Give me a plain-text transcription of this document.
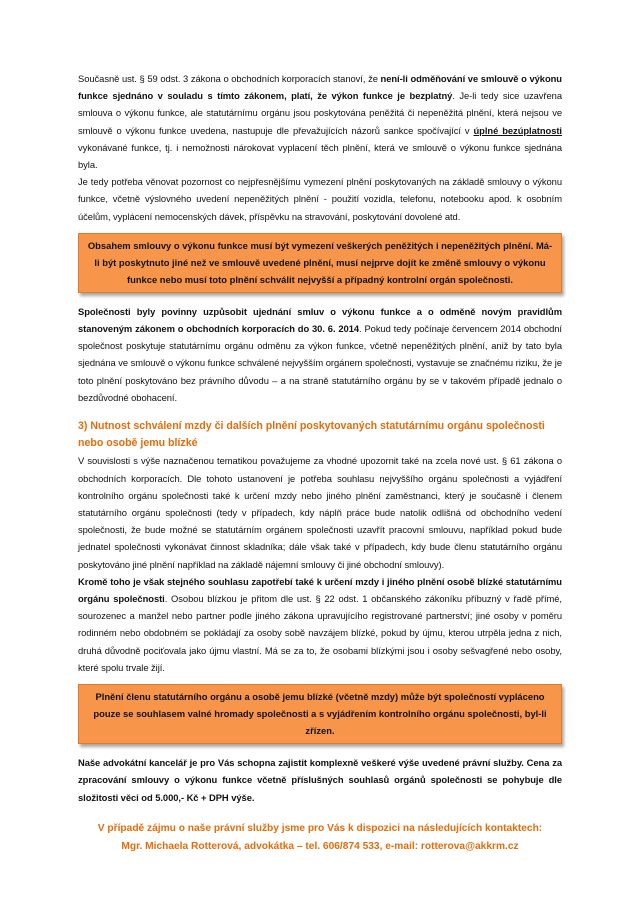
Současně ust. § 59 odst. 3 zákona o obchodních korporacích stanoví, že není-li odměňování ve smlouvě o výkonu funkce sjednáno v souladu s tímto zákonem, platí, že výkon funkce je bezplatný. Je-li tedy sice uzavřena smlouva o výkonu funkce, ale statutárnímu orgánu jsou poskytována peněžitá či nepeněžitá plnění, která nejsou ve smlouvě o výkonu funkce uvedena, nastupuje dle převažujících názorů sankce spočívající v úplné bezúplatnosti vykonávané funkce, tj. i nemožnosti nárokovat vyplacení těch plnění, která ve smlouvě o výkonu funkce sjednána byla.

Je tedy potřeba věnovat pozornost co nejpřesnějšímu vymezení plnění poskytovaných na základě smlouvy o výkonu funkce, včetně výslovného uvedení nepeněžitých plnění - použití vozidla, telefonu, notebooku apod. k osobním účelům, vyplácení nemocenských dávek, příspěvku na stravování, poskytování dovolené atd.

Obsahem smlouvy o výkonu funkce musí být vymezení veškerých peněžitých i nepeněžitých plnění. Má-li být poskytnuto jiné než ve smlouvě uvedené plnění, musí nejprve dojít ke změně smlouvy o výkonu funkce nebo musí toto plnění schválit nejvyšší a případný kontrolní orgán společnosti.

Společnosti byly povinny uzpůsobit ujednání smluv o výkonu funkce a o odměně novým pravidlům stanoveným zákonem o obchodních korporacích do 30. 6. 2014. Pokud tedy počínaje červencem 2014 obchodní společnost poskytuje statutárnímu orgánu odměnu za výkon funkce, včetně nepeněžitých plnění, aniž by tato byla sjednána ve smlouvě o výkonu funkce schválené nejvyšším orgánem společnosti, vystavuje se značnému riziku, že je toto plnění poskytováno bez právního důvodu – a na straně statutárního orgánu by se v takovém případě jednalo o bezdůvodné obohacení.

3) Nutnost schválení mzdy či dalších plnění poskytovaných statutárnímu orgánu společnosti nebo osobě jemu blízké

V souvislosti s výše naznačenou tematikou považujeme za vhodné upozornit také na zcela nové ust. § 61 zákona o obchodních korporacích. Dle tohoto ustanovení je potřeba souhlasu nejvyššího orgánu společnosti a vyjádření kontrolního orgánu společnosti také k určení mzdy nebo jiného plnění zaměstnanci, který je současně i členem statutárního orgánu společnosti (tedy v případech, kdy náplň práce bude natolik odlišná od obchodního vedení společnosti, že bude možné se statutárním orgánem společnosti uzavřít pracovní smlouvu, například pokud bude jednatel společnosti vykonávat činnost skladníka; dále však také v případech, kdy bude členu statutárního orgánu poskytováno jiné plnění například na základě nájemní smlouvy či jiné obchodní smlouvy).

Kromě toho je však stejného souhlasu zapotřebí také k určení mzdy i jiného plnění osobě blízké statutárnímu orgánu společnosti. Osobou blízkou je přitom dle ust. § 22 odst. 1 občanského zákoníku příbuzný v řadě přímé, sourozenec a manžel nebo partner podle jiného zákona upravujícího registrované partnerství; jiné osoby v poměru rodinném nebo obdobném se pokládají za osoby sobě navzájem blízké, pokud by újmu, kterou utrpěla jedna z nich, druhá důvodně pociťovala jako újmu vlastní. Má se za to, že osobami blízkými jsou i osoby sešvagřené nebo osoby, které spolu trvale žijí.

Plnění členu statutárního orgánu a osobě jemu blízké (včetně mzdy) může být společností vypláceno pouze se souhlasem valné hromady společnosti a s vyjádřením kontrolního orgánu společnosti, byl-li zřízen.

Naše advokátní kancelář je pro Vás schopna zajistit komplexně veškeré výše uvedené právní služby. Cena za zpracování smlouvy o výkonu funkce včetně příslušných souhlasů orgánů společnosti se pohybuje dle složitosti věci od 5.000,- Kč + DPH výše.

V případě zájmu o naše právní služby jsme pro Vás k dispozici na následujících kontaktech:
Mgr. Michaela Rotterová, advokátka – tel. 606/874 533, e-mail: rotterova@akkrm.cz
